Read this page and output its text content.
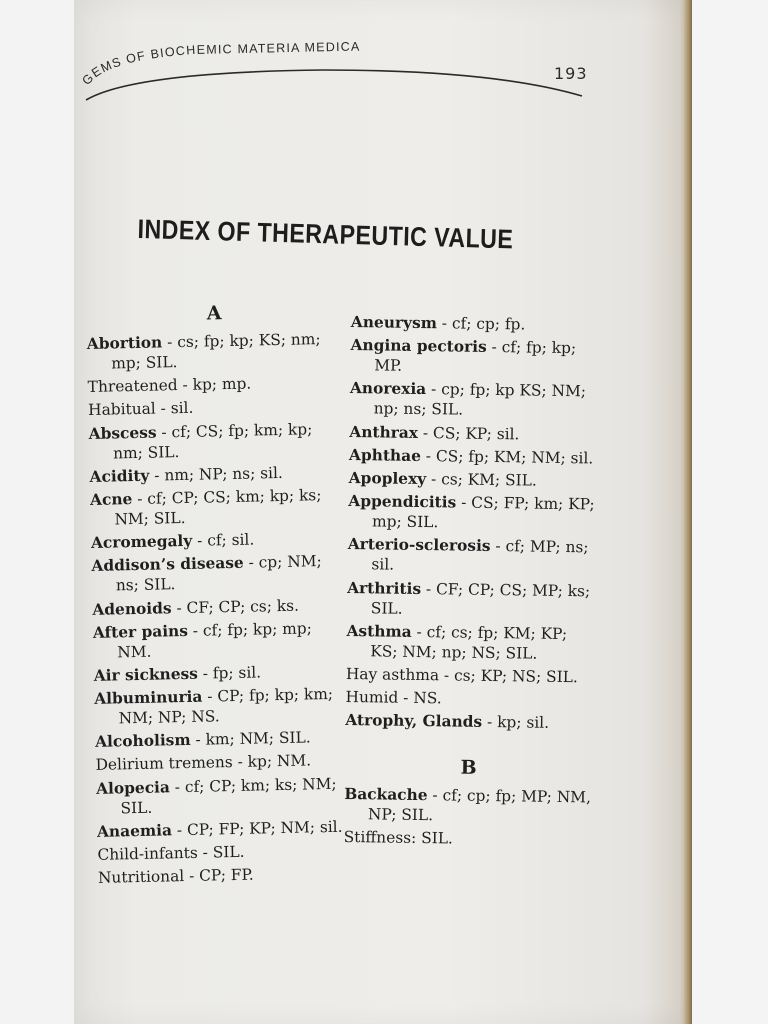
GEMS OF BIOCHEMIC MATERIA MEDICA
193
INDEX OF THERAPEUTIC VALUE
A
Abortion - cs; fp; kp; KS; nm; mp; SIL.
Threatened - kp; mp.
Habitual - sil.
Abscess - cf; CS; fp; km; kp; nm; SIL.
Acidity - nm; NP; ns; sil.
Acne - cf; CP; CS; km; kp; ks; NM; SIL.
Acromegaly - cf; sil.
Addison’s disease - cp; NM; ns; SIL.
Adenoids - CF; CP; cs; ks.
After pains - cf; fp; kp; mp; NM.
Air sickness - fp; sil.
Albuminuria - CP; fp; kp; km; NM; NP; NS.
Alcoholism - km; NM; SIL.
Delirium tremens - kp; NM.
Alopecia - cf; CP; km; ks; NM; SIL.
Anaemia - CP; FP; KP; NM; sil.
Child-infants - SIL.
Nutritional - CP; FP.
Aneurysm - cf; cp; fp.
Angina pectoris - cf; fp; kp; MP.
Anorexia - cp; fp; kp KS; NM; np; ns; SIL.
Anthrax - CS; KP; sil.
Aphthae - CS; fp; KM; NM; sil.
Apoplexy - cs; KM; SIL.
Appendicitis - CS; FP; km; KP; mp; SIL.
Arterio-sclerosis - cf; MP; ns; sil.
Arthritis - CF; CP; CS; MP; ks; SIL.
Asthma - cf; cs; fp; KM; KP; KS; NM; np; NS; SIL.
Hay asthma - cs; KP; NS; SIL.
Humid - NS.
Atrophy, Glands - kp; sil.
B
Backache - cf; cp; fp; MP; NM, NP; SIL.
Stiffness: SIL.
